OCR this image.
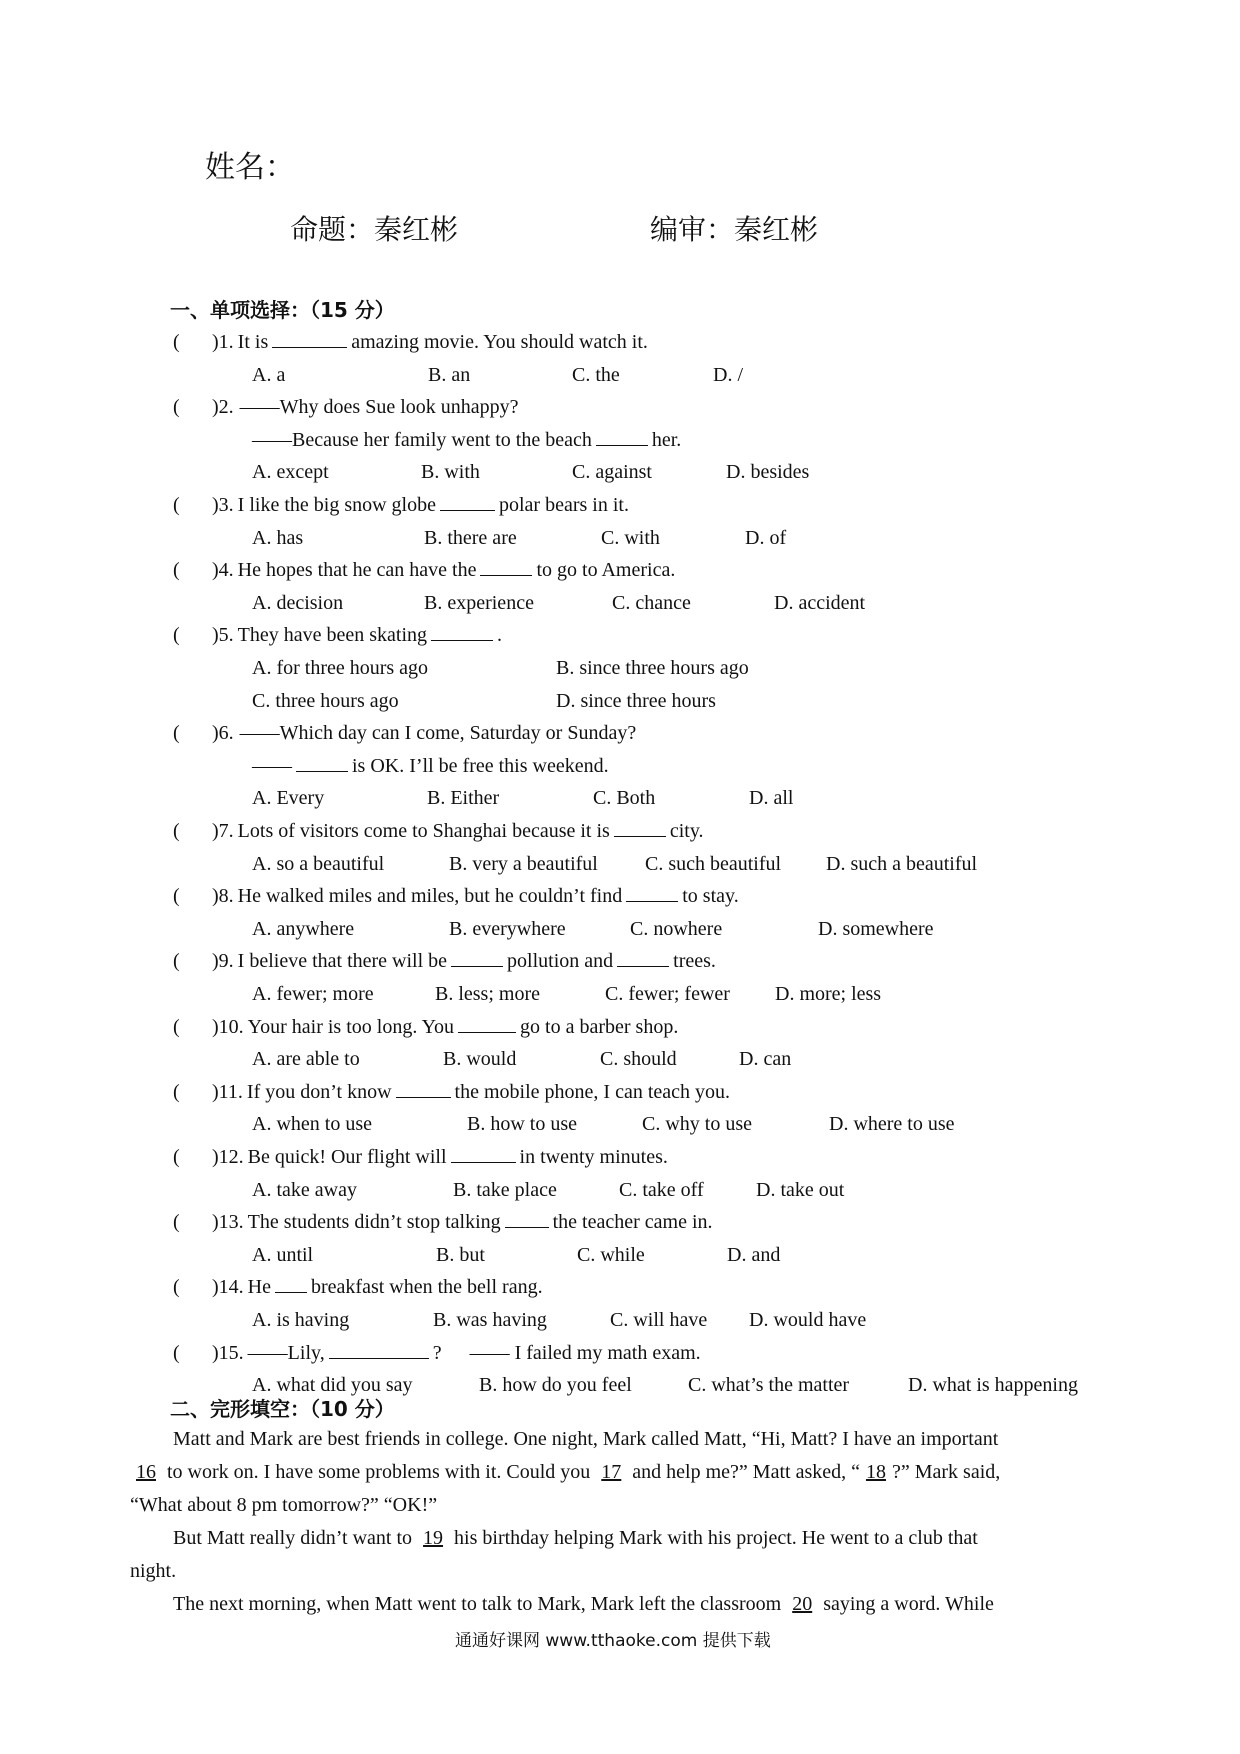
姓名：
命题：秦红彬	编审：秦红彬
一、单项选择：（15 分）
( )1. It is	amazing movie. You should watch it.
A. a	B. an	C. the	D. /
( )2. ——Why does Sue look unhappy?
——Because her family went to the beach	her.
A. except	B. with	C. against	D. besides
( )3. I like the big snow globe	polar bears in it.
A. has	B. there are	C. with	D. of
( )4. He hopes that he can have the	to go to America.
A. decision	B. experience	C. chance	D. accident
( )5. They have been skating	.
A. for three hours ago	B. since three hours ago
C. three hours ago	D. since three hours
( )6. ——Which day can I come, Saturday or Sunday?
——	is OK. I’ll be free this weekend.
A. Every	B. Either	C. Both	D. all
( )7. Lots of visitors come to Shanghai because it is	city.
A. so a beautiful	B. very a beautiful C. such beautiful D. such a beautiful
( )8. He walked miles and miles, but he couldn’t find	to stay.
A. anywhere	B. everywhere	C. nowhere	D. somewhere
( )9. I believe that there will be	pollution and	trees.
A. fewer; more	B. less; more	C. fewer; fewer D. more; less
( )10. Your hair is too long. You	go to a barber shop.
A. are able to	B. would	C. should	D. can
( )11. If you don’t know	the mobile phone, I can teach you.
A. when to use	B. how to use	C. why to use	D. where to use
( )12. Be quick! Our flight will	in twenty minutes.
A. take away	B. take place	C. take off	D. take out
( )13. The students didn’t stop talking	the teacher came in.
A. until	B. but	C. while	D. and
( )14. He breakfast when the bell rang.
A. is having	B. was having	C. will have D. would have
( )15. ——Lily,	? —— I failed my math exam.
A. what did you say	B. how do you feel	C. what’s the matter	D. what is happening
二、完形填空：（10 分）
Matt and Mark are best friends in college. One night, Mark called Matt, “Hi, Matt? I have an important
16 to work on. I have some problems with it. Could you 17 and help me?” Matt asked, “ 18 ?” Mark said,
“What about 8 pm tomorrow?” “OK!”
But Matt really didn’t want to 19 his birthday helping Mark with his project. He went to a club that
night.
The next morning, when Matt went to talk to Mark, Mark left the classroom 20 saying a word. While
通通好课网 www.tthaoke.com 提供下载
